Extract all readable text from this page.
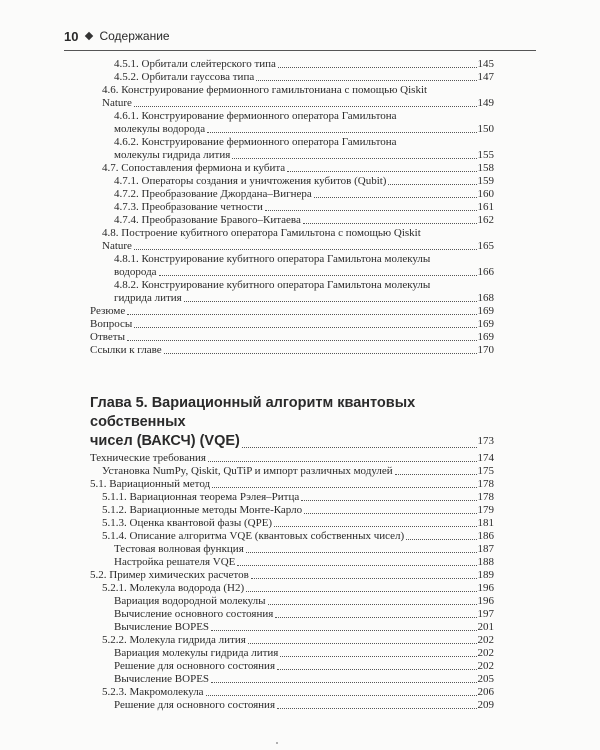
10 Содержание
4.5.1. Орбитали слейтерского типа	145
4.5.2. Орбитали гауссова типа	147
4.6. Конструирование фермионного гамильтониана с помощью Qiskit
Nature	149
4.6.1. Конструирование фермионного оператора Гамильтона
молекулы водорода	150
4.6.2. Конструирование фермионного оператора Гамильтона
молекулы гидрида лития	155
4.7. Сопоставления фермиона и кубита	158
4.7.1. Операторы создания и уничтожения кубитов (Qubit)	159
4.7.2. Преобразование Джордана–Вигнера	160
4.7.3. Преобразование четности	161
4.7.4. Преобразование Бравого–Китаева	162
4.8. Построение кубитного оператора Гамильтона с помощью Qiskit
Nature	165
4.8.1. Конструирование кубитного оператора Гамильтона молекулы
водорода	166
4.8.2. Конструирование кубитного оператора Гамильтона молекулы
гидрида лития	168
Резюме	169
Вопросы	169
Ответы	169
Ссылки к главе	170
Глава 5. Вариационный алгоритм квантовых собственных
чисел (ВАКСЧ) (VQE)	173
Технические требования	174
Установка NumPy, Qiskit, QuTiP и импорт различных модулей	175
5.1. Вариационный метод	178
5.1.1. Вариационная теорема Рэлея–Ритца	178
5.1.2. Вариационные методы Монте-Карло	179
5.1.3. Оценка квантовой фазы (QPE)	181
5.1.4. Описание алгоритма VQE (квантовых собственных чисел)	186
Тестовая волновая функция	187
Настройка решателя VQE	188
5.2. Пример химических расчетов	189
5.2.1. Молекула водорода (H2)	196
Вариация водородной молекулы	196
Вычисление основного состояния	197
Вычисление BOPES	201
5.2.2. Молекула гидрида лития	202
Вариация молекулы гидрида лития	202
Решение для основного состояния	202
Вычисление BOPES	205
5.2.3. Макромолекула	206
Решение для основного состояния	209
